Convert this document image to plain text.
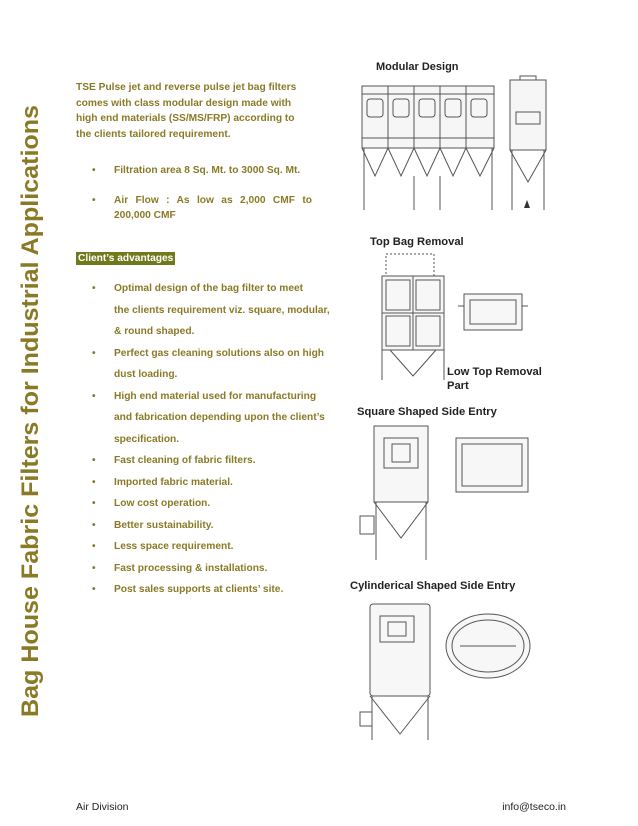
Bag House Fabric Filters for Industrial Applications
TSE Pulse jet and reverse pulse jet bag filters comes with class modular design made with high end materials (SS/MS/FRP) according to the clients tailored requirement.
• Filtration area 8 Sq. Mt. to 3000 Sq. Mt.
• Air Flow : As low as 2,000 CMF to 200,000 CMF
Client’s advantages
• Optimal design of the bag filter to meet
the clients requirement viz. square, modular,
& round shaped.
• Perfect gas cleaning solutions also on high
dust loading.
• High end material used for manufacturing
and fabrication depending upon the client’s
specification.
• Fast cleaning of fabric filters.
• Imported fabric material.
• Low cost operation.
• Better sustainability.
• Less space requirement.
• Fast processing & installations.
• Post sales supports at clients’ site.
Modular Design
Top Bag Removal
Low Top Removal
Part
Square Shaped Side Entry
Cylinderical Shaped Side Entry
Air Division	info@tseco.in
